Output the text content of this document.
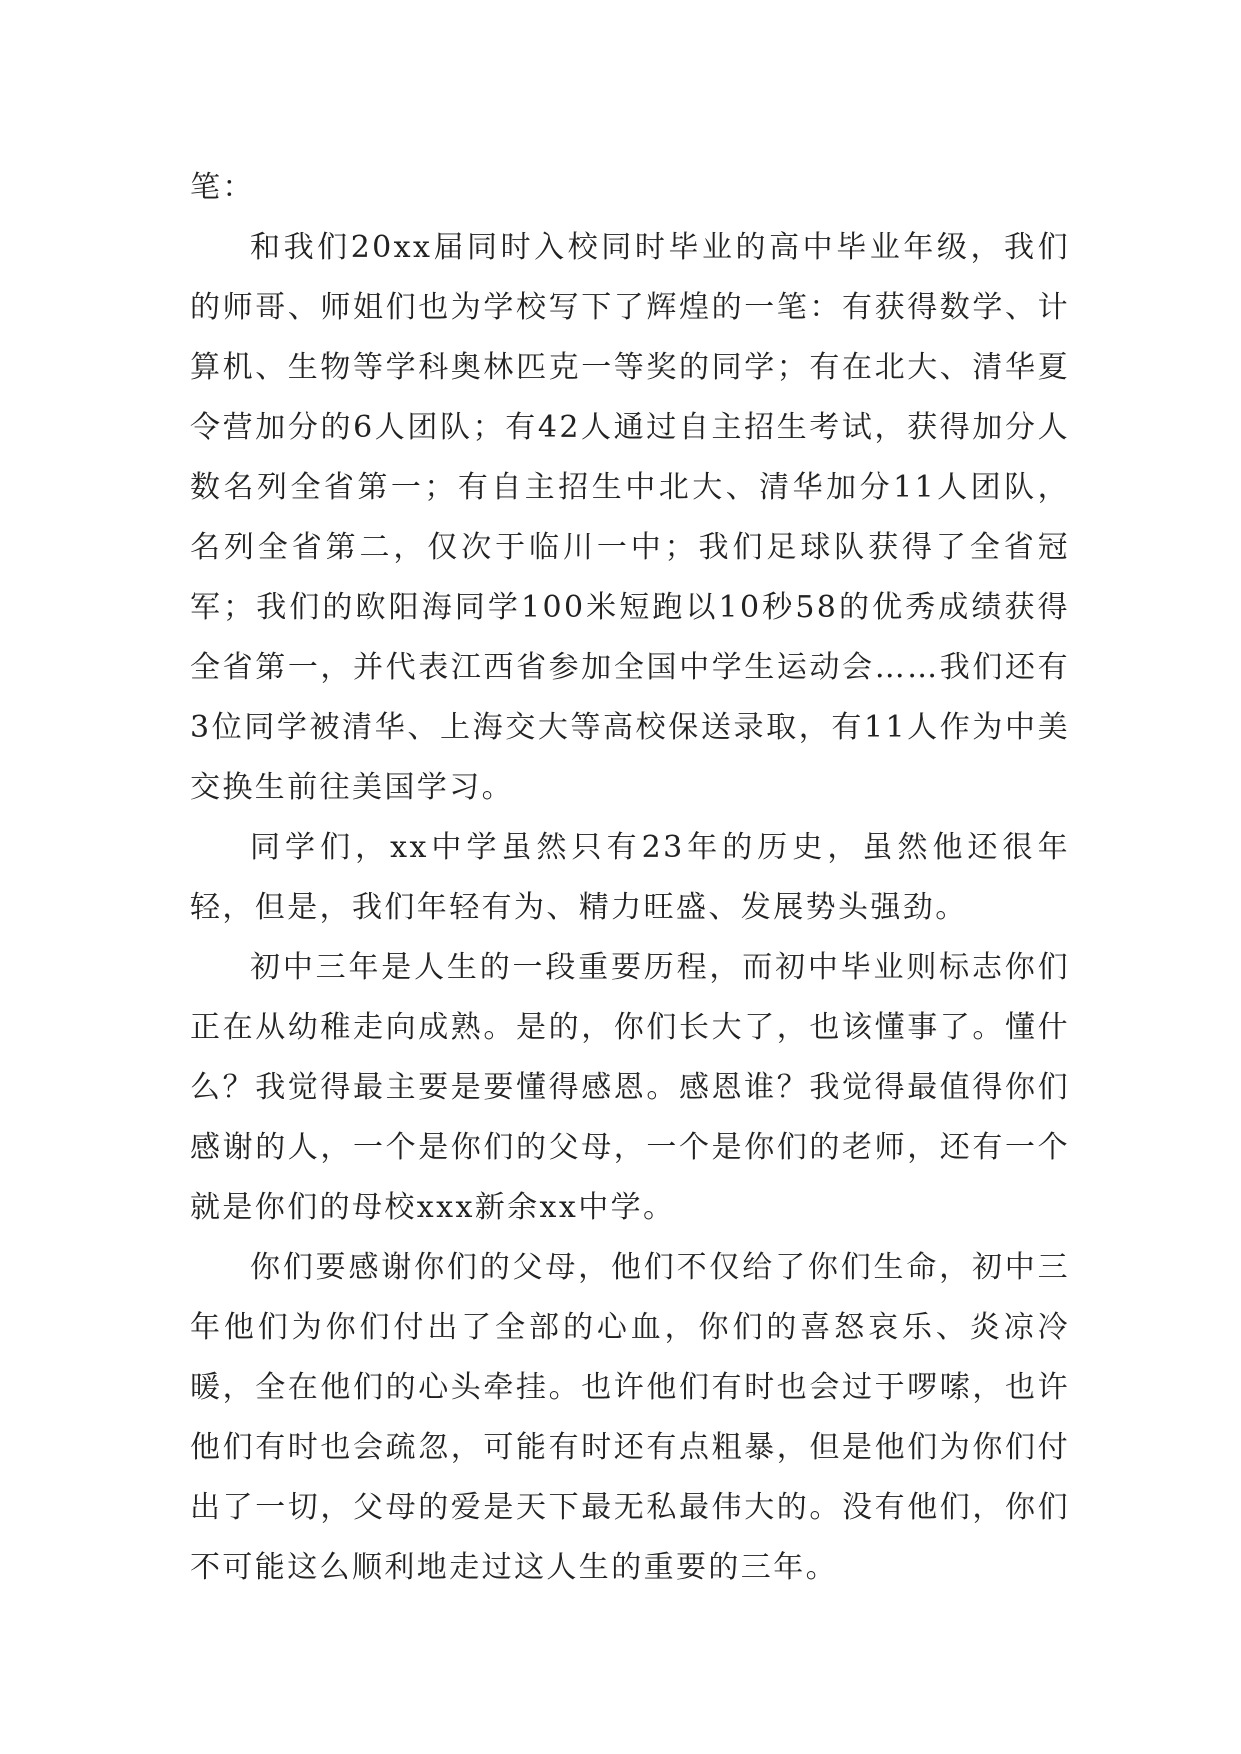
笔：

和我们20xx届同时入校同时毕业的高中毕业年级，我们的师哥、师姐们也为学校写下了辉煌的一笔：有获得数学、计算机、生物等学科奥林匹克一等奖的同学；有在北大、清华夏令营加分的6人团队；有42人通过自主招生考试，获得加分人数名列全省第一；有自主招生中北大、清华加分11人团队，名列全省第二，仅次于临川一中；我们足球队获得了全省冠军；我们的欧阳海同学100米短跑以10秒58的优秀成绩获得全省第一，并代表江西省参加全国中学生运动会……我们还有3位同学被清华、上海交大等高校保送录取，有11人作为中美交换生前往美国学习。

同学们，xx中学虽然只有23年的历史，虽然他还很年轻，但是，我们年轻有为、精力旺盛、发展势头强劲。

初中三年是人生的一段重要历程，而初中毕业则标志你们正在从幼稚走向成熟。是的，你们长大了，也该懂事了。懂什么？我觉得最主要是要懂得感恩。感恩谁？我觉得最值得你们感谢的人，一个是你们的父母，一个是你们的老师，还有一个就是你们的母校xxx新余xx中学。

你们要感谢你们的父母，他们不仅给了你们生命，初中三年他们为你们付出了全部的心血，你们的喜怒哀乐、炎凉冷暖，全在他们的心头牵挂。也许他们有时也会过于啰嗦，也许他们有时也会疏忽，可能有时还有点粗暴，但是他们为你们付出了一切，父母的爱是天下最无私最伟大的。没有他们，你们不可能这么顺利地走过这人生的重要的三年。
